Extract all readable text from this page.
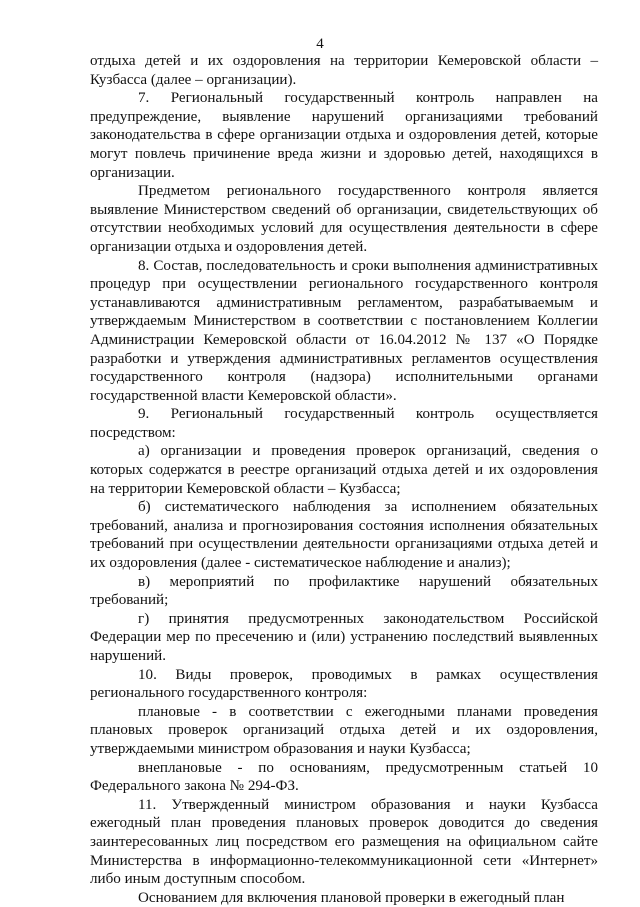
4

отдыха детей и их оздоровления на территории Кемеровской области – Кузбасса (далее – организации).

7. Региональный государственный контроль направлен на предупреждение, выявление нарушений организациями требований законодательства в сфере организации отдыха и оздоровления детей, которые могут повлечь причинение вреда жизни и здоровью детей, находящихся в организации.

Предметом регионального государственного контроля является выявление Министерством сведений об организации, свидетельствующих об отсутствии необходимых условий для осуществления деятельности в сфере организации отдыха и оздоровления детей.

8. Состав, последовательность и сроки выполнения административных процедур при осуществлении регионального государственного контроля устанавливаются административным регламентом, разрабатываемым и утверждаемым Министерством в соответствии с постановлением Коллегии Администрации Кемеровской области от 16.04.2012 № 137 «О Порядке разработки и утверждения административных регламентов осуществления государственного контроля (надзора) исполнительными органами государственной власти Кемеровской области».

9. Региональный государственный контроль осуществляется посредством:

а) организации и проведения проверок организаций, сведения о которых содержатся в реестре организаций отдыха детей и их оздоровления на территории Кемеровской области – Кузбасса;

б) систематического наблюдения за исполнением обязательных требований, анализа и прогнозирования состояния исполнения обязательных требований при осуществлении деятельности организациями отдыха детей и их оздоровления (далее - систематическое наблюдение и анализ);

в) мероприятий по профилактике нарушений обязательных требований;

г) принятия предусмотренных законодательством Российской Федерации мер по пресечению и (или) устранению последствий выявленных нарушений.

10. Виды проверок, проводимых в рамках осуществления регионального государственного контроля:

плановые - в соответствии с ежегодными планами проведения плановых проверок организаций отдыха детей и их оздоровления, утверждаемыми министром образования и науки Кузбасса;

внеплановые - по основаниям, предусмотренным статьей 10 Федерального закона № 294-ФЗ.

11. Утвержденный министром образования и науки Кузбасса ежегодный план проведения плановых проверок доводится до сведения заинтересованных лиц посредством его размещения на официальном сайте Министерства в информационно-телекоммуникационной сети «Интернет» либо иным доступным способом.

Основанием для включения плановой проверки в ежегодный план
